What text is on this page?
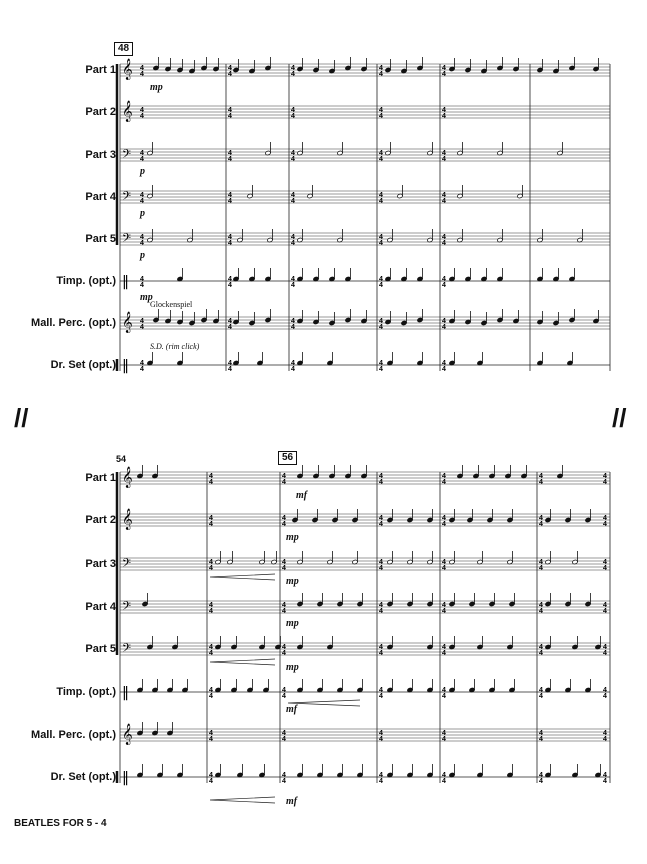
48
Part 1
Part 2
Part 3
Part 4
Part 5
Timp. (opt.)
Mall. Perc. (opt.)
Dr. Set (opt.)
mp
p
p
p
mp
Glockenspiel
S.D. (rim click)
//	//
54	56
Part 1
Part 2
Part 3
Part 4
Part 5
Timp. (opt.)
Mall. Perc. (opt.)
Dr. Set (opt.)
mf
mp
mp
mp
mp
mf
mf
BEATLES FOR 5 - 4
𝄞
𝄞
𝄢
𝄢
𝄢
‖
𝄞
‖
4
4
4
4
4
4
4
4
4
4
4
4
4
4
4
4
4
4
4
4
4
4
4
4
4
4
4
4
4
4
4
4
4
4
4
4
4
4
4
4
4
4
4
4
4
4
4
4
4
4
4
4
4
4
4
4
4
4
4
4
4
4
4
4
4
4
4
4
4
4
4
4
4
4
4
4
4
4
4
4
𝄞
𝄞
𝄢
𝄢
𝄢
‖
𝄞
‖
4
4
4
4
4
4
4
4
4
4
4
4
4
4
4
4
4
4
4
4
4
4
4
4
4
4
4
4
4
4
4
4
4
4
4
4
4
4
4
4
4
4
4
4
4
4
4
4
4
4
4
4
4
4
4
4
4
4
4
4
4
4
4
4
4
4
4
4
4
4
4
4
4
4
4
4
4
4
4
4
4
4
4
4
4
4
4
4
4
4
4
4
4
4
4
4
